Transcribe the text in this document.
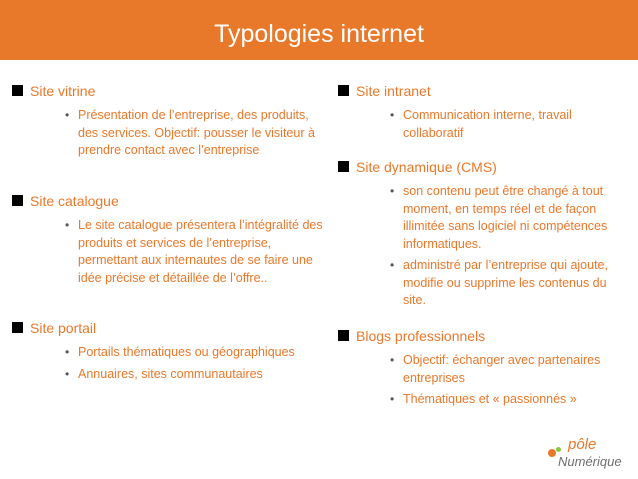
Typologies internet
Site vitrine
• Présentation de l’entreprise, des produits, des services. Objectif: pousser le visiteur à prendre contact avec l’entreprise
Site catalogue
• Le site catalogue présentera l’intégralité des produits et services de l’entreprise, permettant aux internautes de se faire une idée précise et détaillée de l’offre..
Site portail
• Portails thématiques ou géographiques
• Annuaires, sites communautaires
Site intranet
• Communication interne, travail collaboratif
Site dynamique (CMS)
• son contenu peut être changé à tout moment, en temps réel et de façon illimitée sans logiciel ni compétences informatiques.
• administré par l’entreprise qui ajoute, modifie ou supprime les contenus du site.
Blogs professionnels
• Objectif: échanger avec partenaires entreprises
• Thématiques et « passionnés »
pôle
Numérique
